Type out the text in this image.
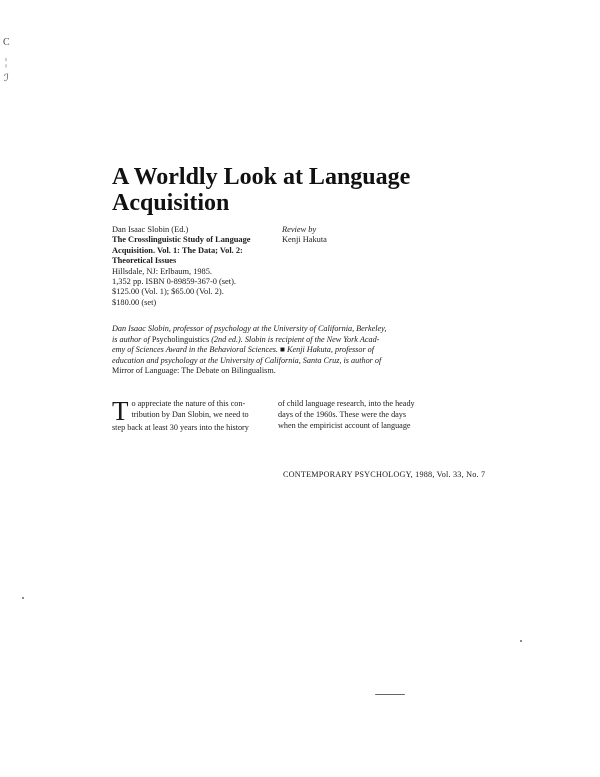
C
¦
ℐ
A Worldly Look at Language
Acquisition
Dan Isaac Slobin (Ed.)
The Crosslinguistic Study of Language
Acquisition. Vol. 1: The Data; Vol. 2:
Theoretical Issues
Hillsdale, NJ: Erlbaum, 1985.
1,352 pp. ISBN 0-89859-367-0 (set).
$125.00 (Vol. 1); $65.00 (Vol. 2).
$180.00 (set)
Review by
Kenji Hakuta
Dan Isaac Slobin, professor of psychology at the University of California, Berkeley,
is author of Psycholinguistics (2nd ed.). Slobin is recipient of the New York Acad-
emy of Sciences Award in the Behavioral Sciences. ■ Kenji Hakuta, professor of
education and psychology at the University of California, Santa Cruz, is author of
Mirror of Language: The Debate on Bilingualism.
T o appreciate the nature of this con-
tribution by Dan Slobin, we need to
step back at least 30 years into the history
of child language research, into the heady
days of the 1960s. These were the days
when the empiricist account of language
CONTEMPORARY PSYCHOLOGY, 1988, Vol. 33, No. 7
